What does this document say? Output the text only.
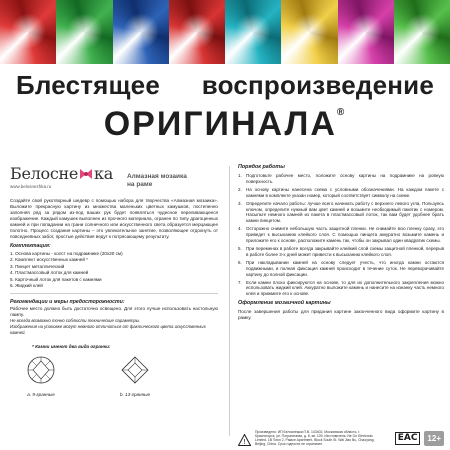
Блестящее воспроизведение
ОРИГИНАЛА®
Белосне ка
www.belosnezhka.ru
Алмазная мозаика
на раме

Создайте свой рукотворный шедевр с помощью набора для творчества «Алмазная мозаика». Выложите прекрасную картину из множества маленьких цветных камушков, постепенно заполняя ряд за рядом из-под ваших рук будет появляться чудесное переливающееся изображение. Каждый камушек выполнен из прочного материала, огранен по типу драгоценных камней и при попадании на грани солнечного или искусственного света образуется мерцающее полотно. Процесс создания картины – это увлекательное занятие, позволяющее отдохнуть от повседневных забот, простые действия ведут к потрясающему результату.

Комплектация:
1. Основа картины - холст на подрамнике (20х20 см)
2. Комплект искусственных камней *
3. Пинцет металлический
4. Пластмассовый лоток для камней
5. Карточный лоток для пакетов с камнями
6. Жидкий клей
Рекомендации и меры предосторожности:

Рабочее место должно быть достаточно освещено. Для этого лучше использовать настольную лампу.

Не всегда возможно точно соблюсти технические параметры.

Изображения на упаковке могут немного отличаться от фактического цвета искусственных камней.

* Камни имеют два вида огранки:
а. 9-гранные	b. 13-гранные
Порядок работы
1. Подготовьте рабочее место, положите основу картины на подрамнике на ровную поверхность.
2. На основу картины нанесена схема с условными обозначениями. На каждом пакете с камнями в комплекте указан номер, который соответствует символу на схеме.
3. Определите начало работы: лучше всего начинать работу с верхнего левого угла. Пользуясь ключом, определите нужный вам цвет камней и возьмите необходимый пакетик с номером. Насыпьте немного камней из пакета в пластмассовый лоток, так вам будет удобнее брать камни пинцетом.
4. Осторожно снимите небольшую часть защитной пленки. Не снимайте всю пленку сразу, это приведет к высыханию клейкого слоя. С помощью пинцета аккуратно возьмите камень и приложите его к основе, расположите камень так, чтобы он закрывал один квадратик схемы.
5. При переменах в работе всегда закрывайте клейкий слой схемы защитной пленкой, перерыв в работе более 3-х дней может привести к высыханию клейкого слоя.
6. При накладывании камней на основу следует учесть, что иногда камни остаются подвижными, и полная фиксация камней происходит в течение суток. Не переворачивайте картину до полной фиксации.
7. Если камни плохо фиксируются на основе, то для их дополнительного закрепления можно использовать жидкий клей. Аккуратно выложите камень и нанесите на изнанку часть немного клея и прижмите его к основе.
Оформление мозаичной картины

После завершения работы для придания картине законченного вида оформите картину в рамку.

!
Произведено: ИП Белоснежка П.В. 143402, Московская область, г. Красногорск, ул. Пограничная, д. 8, кв. 109. Изготовитель: Ne Oo Electronic Limited. 1B Town 2, Palace Apartment, Block South St. Wai Jiao Bu, Chaoyang, Beijing, China. Срок годности не ограничен.
EAC	12+
